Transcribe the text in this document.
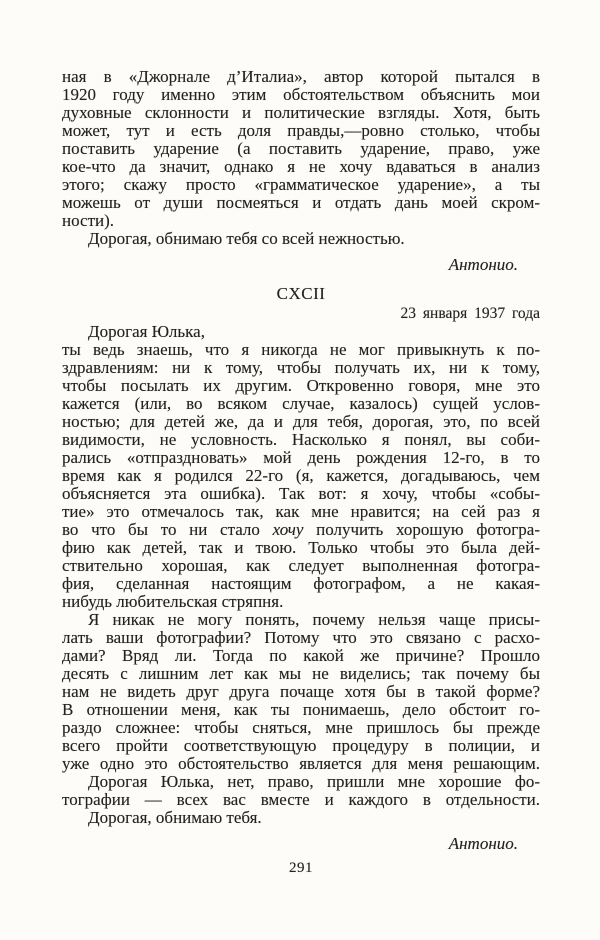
ная в «Джорнале д’Италиа», автор которой пытался в
1920 году именно этим обстоятельством объяснить мои
духовные склонности и политические взгляды. Хотя, быть
может, тут и есть доля правды,—ровно столько, чтобы
поставить ударение (а поставить ударение, право, уже
кое-что да значит, однако я не хочу вдаваться в анализ
этого; скажу просто «грамматическое ударение», а ты
можешь от души посмеяться и отдать дань моей скром-
ности).
Дорогая, обнимаю тебя со всей нежностью.
Антонио.
CXCII
23 января 1937 года
Дорогая Юлька,
ты ведь знаешь, что я никогда не мог привыкнуть к по-
здравлениям: ни к тому, чтобы получать их, ни к тому,
чтобы посылать их другим. Откровенно говоря, мне это
кажется (или, во всяком случае, казалось) сущей услов-
ностью; для детей же, да и для тебя, дорогая, это, по всей
видимости, не условность. Насколько я понял, вы соби-
рались «отпраздновать» мой день рождения 12-го, в то
время как я родился 22-го (я, кажется, догадываюсь, чем
объясняется эта ошибка). Так вот: я хочу, чтобы «собы-
тие» это отмечалось так, как мне нравится; на сей раз я
во что бы то ни стало хочу получить хорошую фотогра-
фию как детей, так и твою. Только чтобы это была дей-
ствительно хорошая, как следует выполненная фотогра-
фия, сделанная настоящим фотографом, а не какая-
нибудь любительская стряпня.
Я никак не могу понять, почему нельзя чаще присы-
лать ваши фотографии? Потому что это связано с расхо-
дами? Вряд ли. Тогда по какой же причине? Прошло
десять с лишним лет как мы не виделись; так почему бы
нам не видеть друг друга почаще хотя бы в такой форме?
В отношении меня, как ты понимаешь, дело обстоит го-
раздо сложнее: чтобы сняться, мне пришлось бы прежде
всего пройти соответствующую процедуру в полиции, и
уже одно это обстоятельство является для меня решающим.
Дорогая Юлька, нет, право, пришли мне хорошие фо-
тографии — всех вас вместе и каждого в отдельности.
Дорогая, обнимаю тебя.
Антонио.
291
